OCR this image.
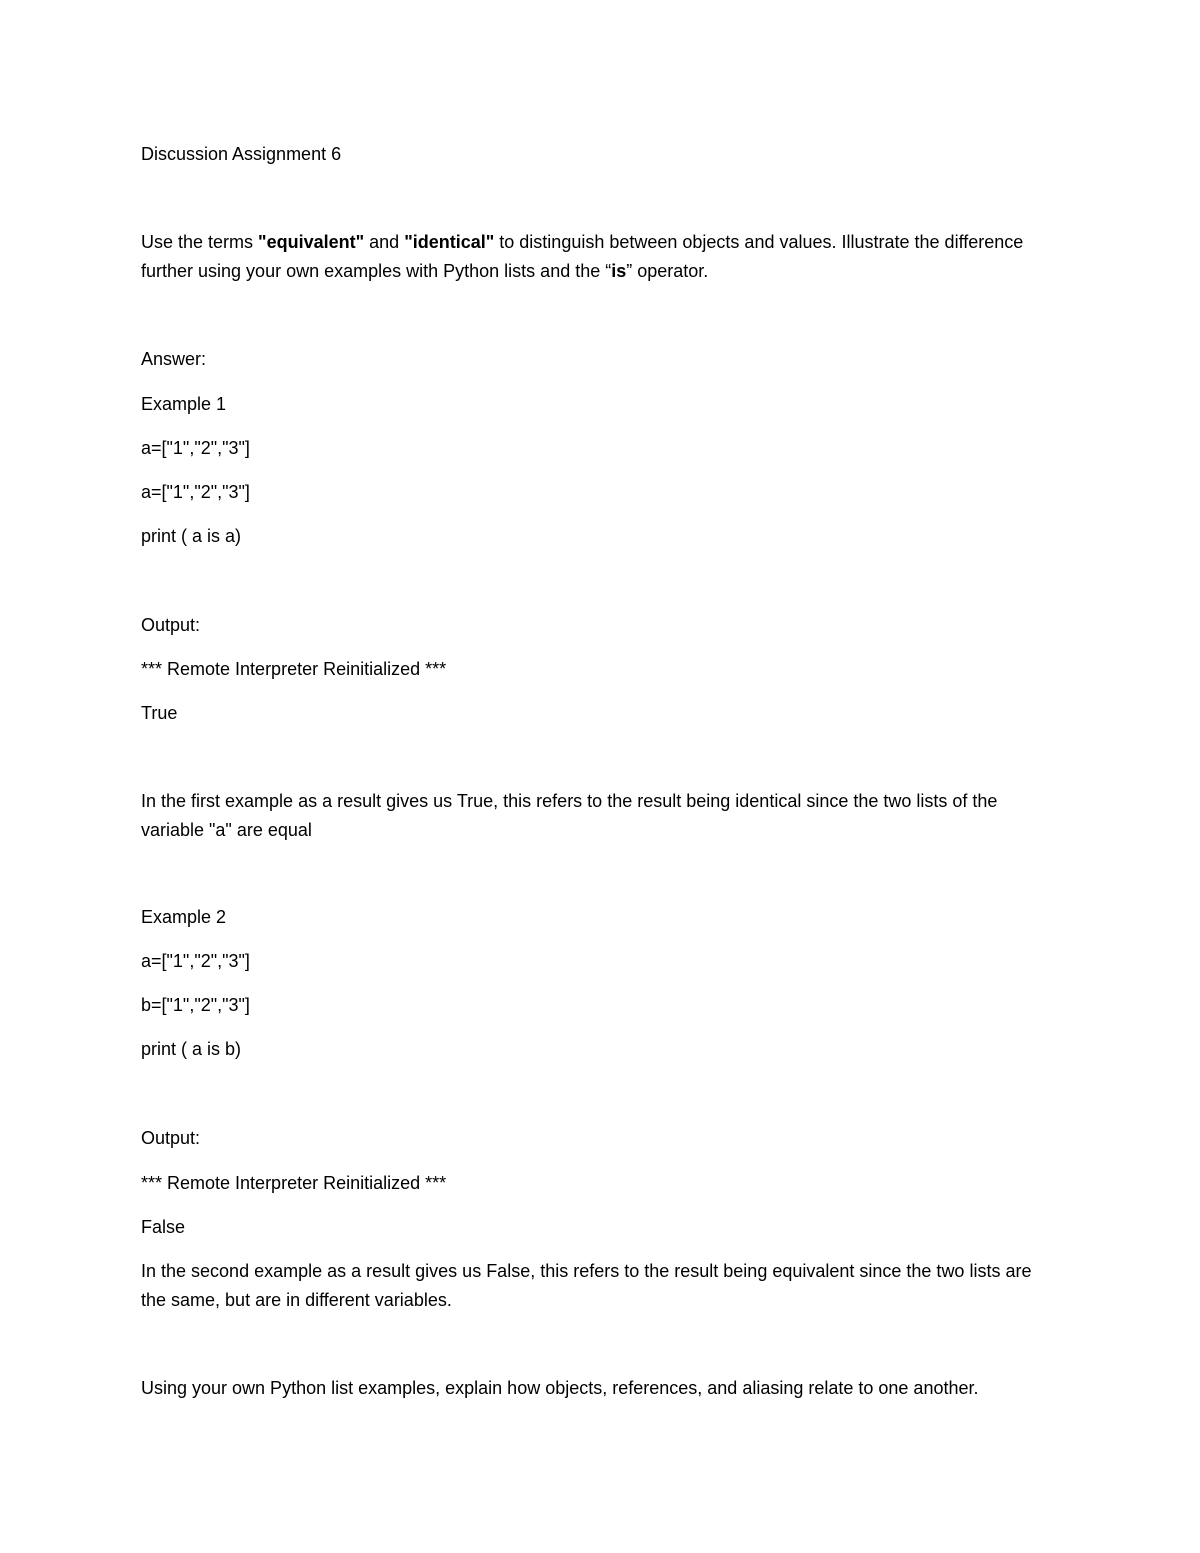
Discussion Assignment 6

Use the terms "equivalent" and "identical" to distinguish between objects and values. Illustrate the difference further using your own examples with Python lists and the “is” operator.

Answer:

Example 1

a=["1","2","3"]

a=["1","2","3"]

print ( a is a)

Output:

*** Remote Interpreter Reinitialized ***

True

In the first example as a result gives us True, this refers to the result being identical since the two lists of the variable "a" are equal

Example 2

a=["1","2","3"]

b=["1","2","3"]

print ( a is b)

Output:

*** Remote Interpreter Reinitialized ***

False

In the second example as a result gives us False, this refers to the result being equivalent since the two lists are the same, but are in different variables.

Using your own Python list examples, explain how objects, references, and aliasing relate to one another.
